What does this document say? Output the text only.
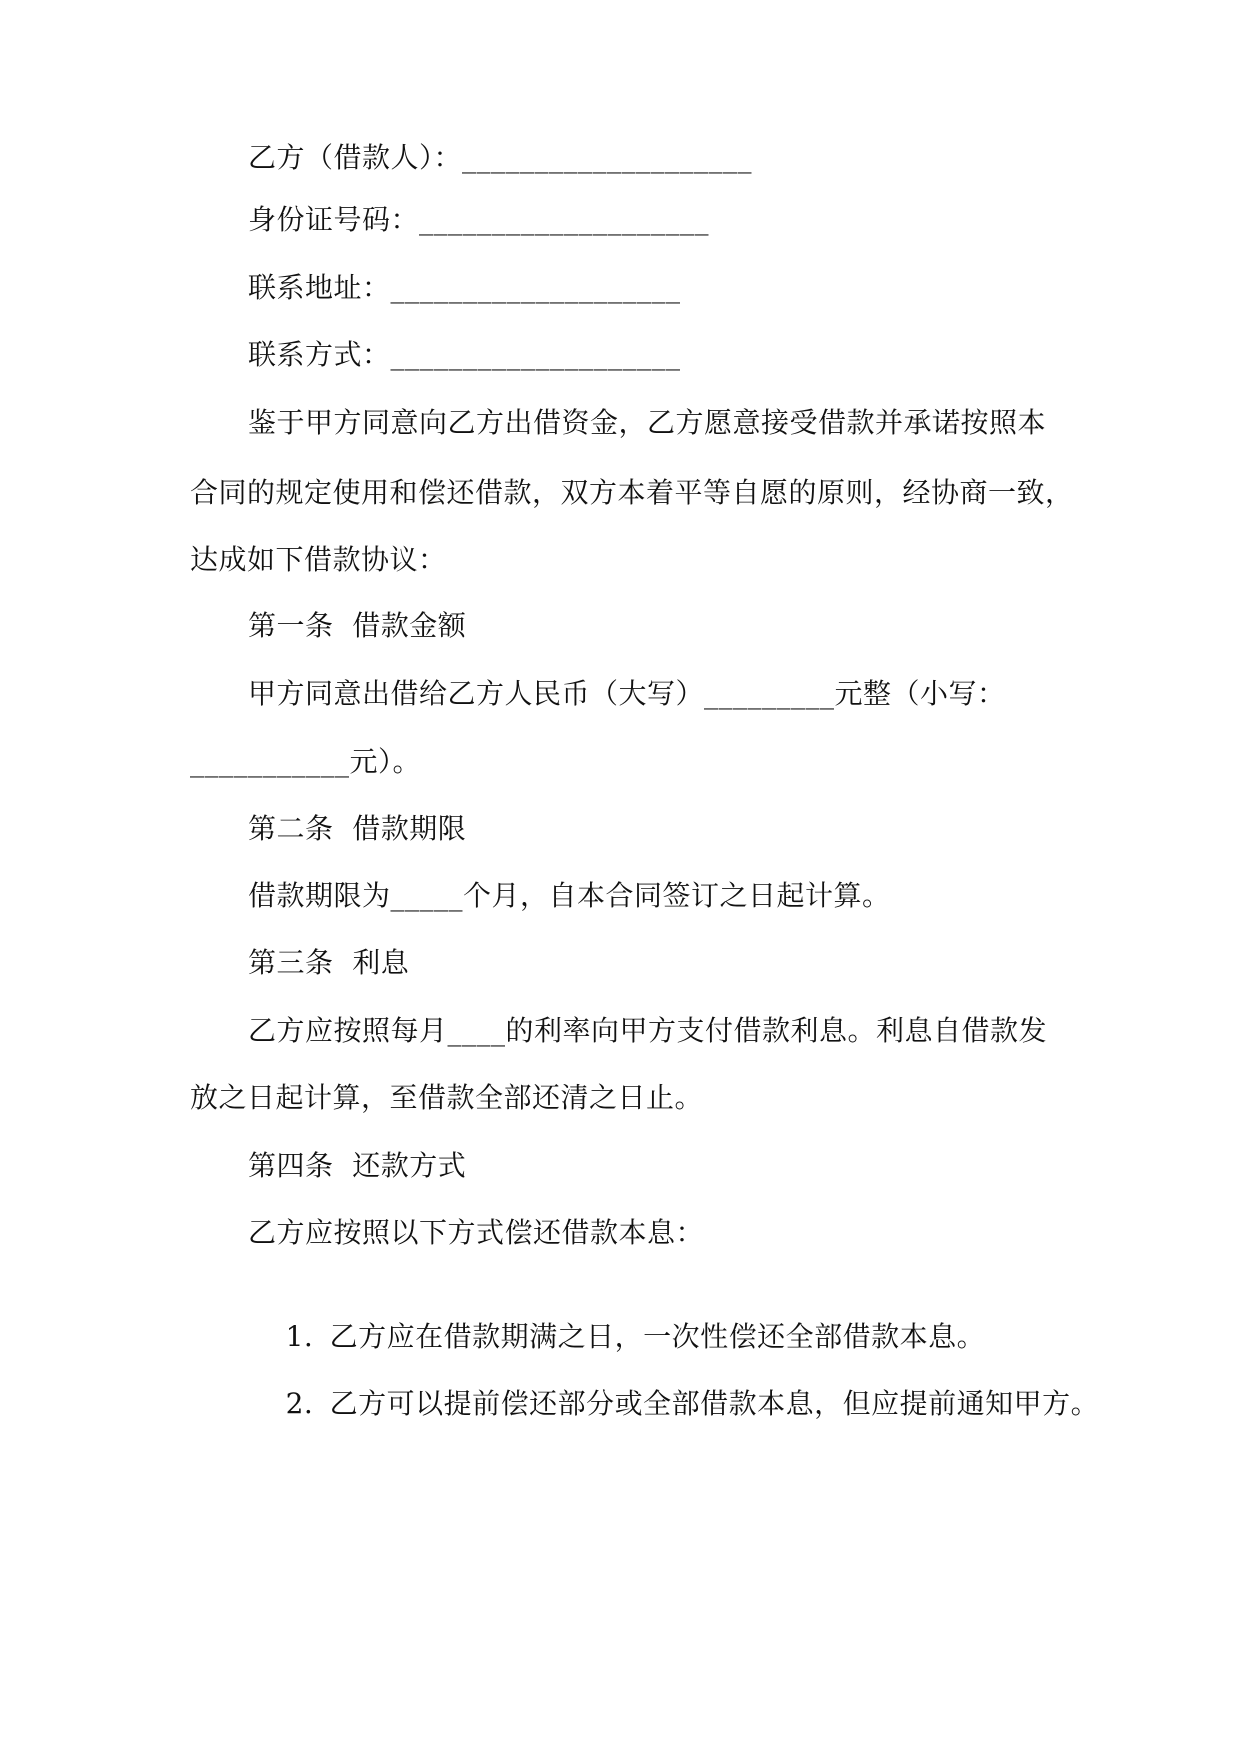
乙方（借款人）：____________________
身份证号码：____________________
联系地址：____________________
联系方式：____________________
鉴于甲方同意向乙方出借资金，乙方愿意接受借款并承诺按照本
合同的规定使用和偿还借款，双方本着平等自愿的原则，经协商一致，
达成如下借款协议：
第一条  借款金额
甲方同意出借给乙方人民币（大写）_________元整（小写：
___________元）。
第二条  借款期限
借款期限为_____个月，自本合同签订之日起计算。
第三条  利息
乙方应按照每月____的利率向甲方支付借款利息。利息自借款发
放之日起计算，至借款全部还清之日止。
第四条  还款方式
乙方应按照以下方式偿还借款本息：

1. 乙方应在借款期满之日，一次性偿还全部借款本息。

2. 乙方可以提前偿还部分或全部借款本息，但应提前通知甲方。
